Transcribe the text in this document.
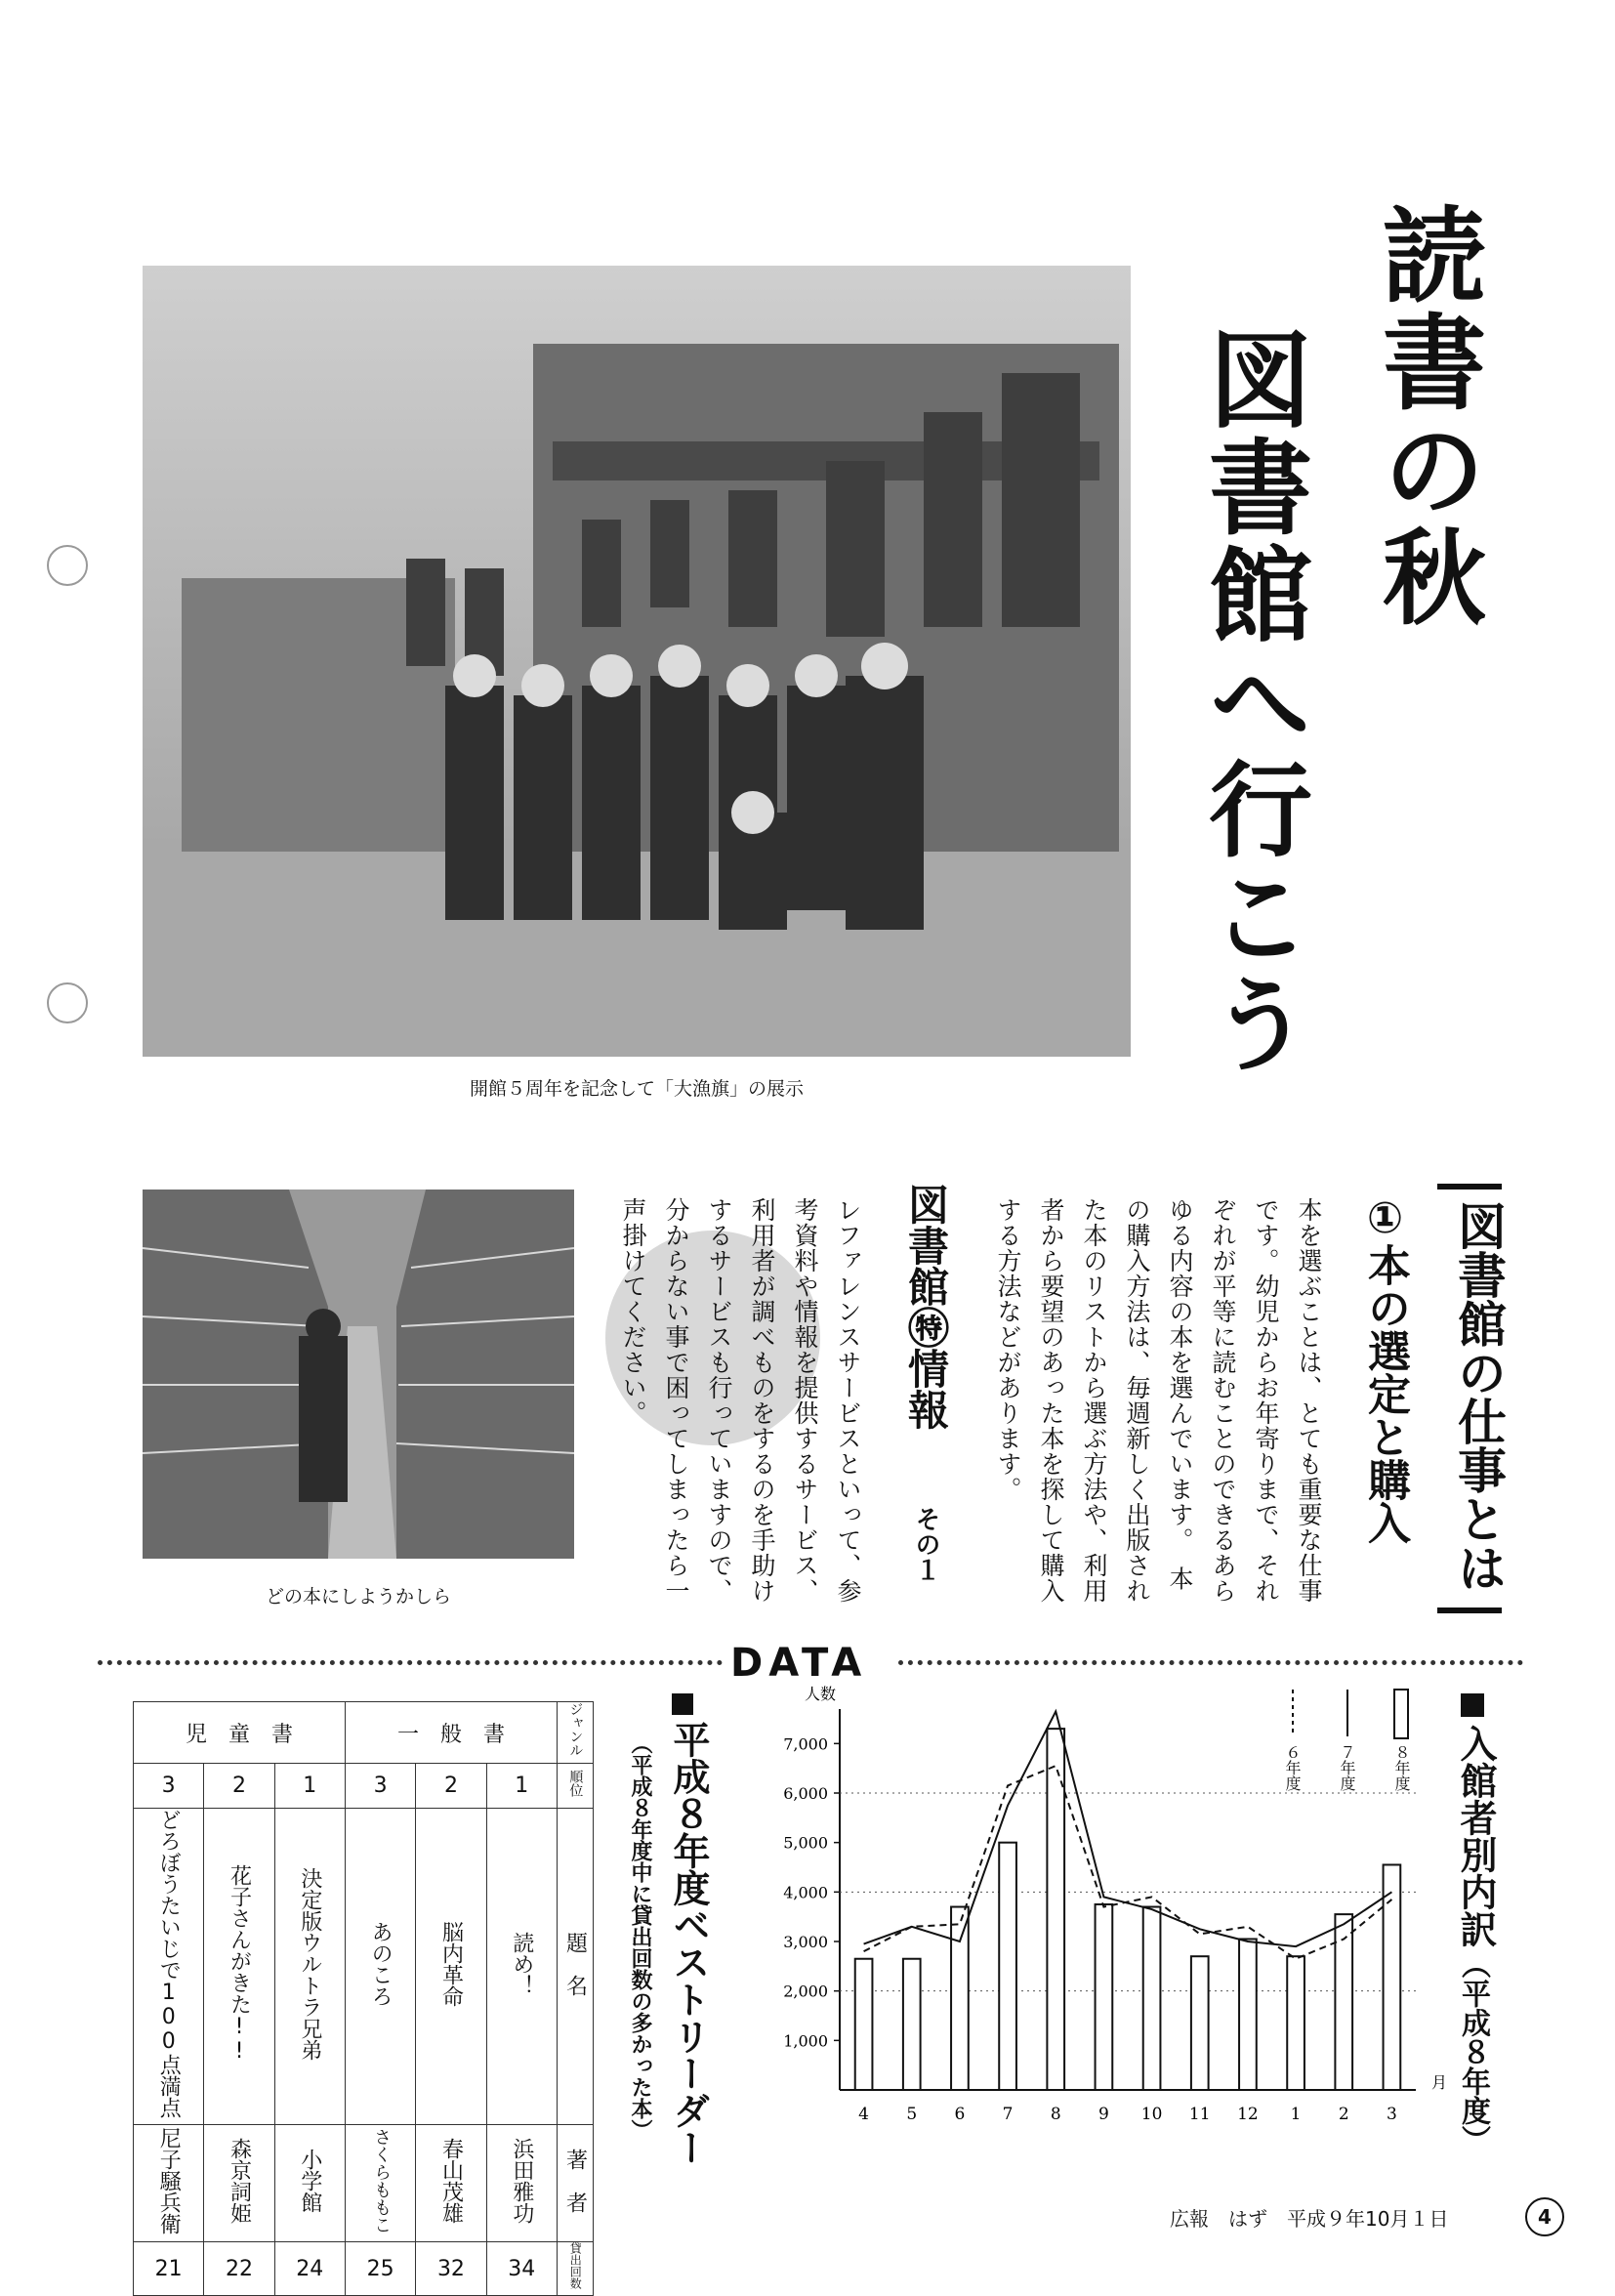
開館５周年を記念して「大漁旗」の展示
読書の秋
図書館へ行こう
どの本にしようかしら
図書館の仕事とは
①本の選定と購入
本を選ぶことは、とても重要な仕事です。幼児からお年寄りまで、それぞれが平等に読むことのできるあらゆる内容の本を選んでいます。　本の購入方法は、毎週新しく出版された本のリストから選ぶ方法や、利用者から要望のあった本を探して購入する方法などがあります。
図書館㊕情報
その１
レファレンスサービスといって、参考資料や情報を提供するサービス、利用者が調べものをするのを手助けするサービスも行っていますので、分からない事で困ってしまったら一声掛けてください。
DATA
平成８年度ベストリーダー
（平成８年度中に貸出回数の多かった本）
児　童　書			一　般　書			ジャンル
3	2	1	3	2	1	順位
どろぼうたいじで100点満点	花子さんがきた!!	決定版ウルトラ兄弟	あのころ	脳内革命	読め！	題　名
尼子騒兵衛	森京詞姫	小学館	さくらももこ	春山茂雄	浜田雅功	著　者
21	22	24	25	32	34	貸出回数
入館者別内訳
（平成８年度）
６年度 ７年度 ８年度
1,000
2,000
3,000
4,000
5,000
6,000
7,000
人数
月
4 5 6 7 8 9 10 11 12 1 2 3
広報　はず　平成９年10月１日	4
